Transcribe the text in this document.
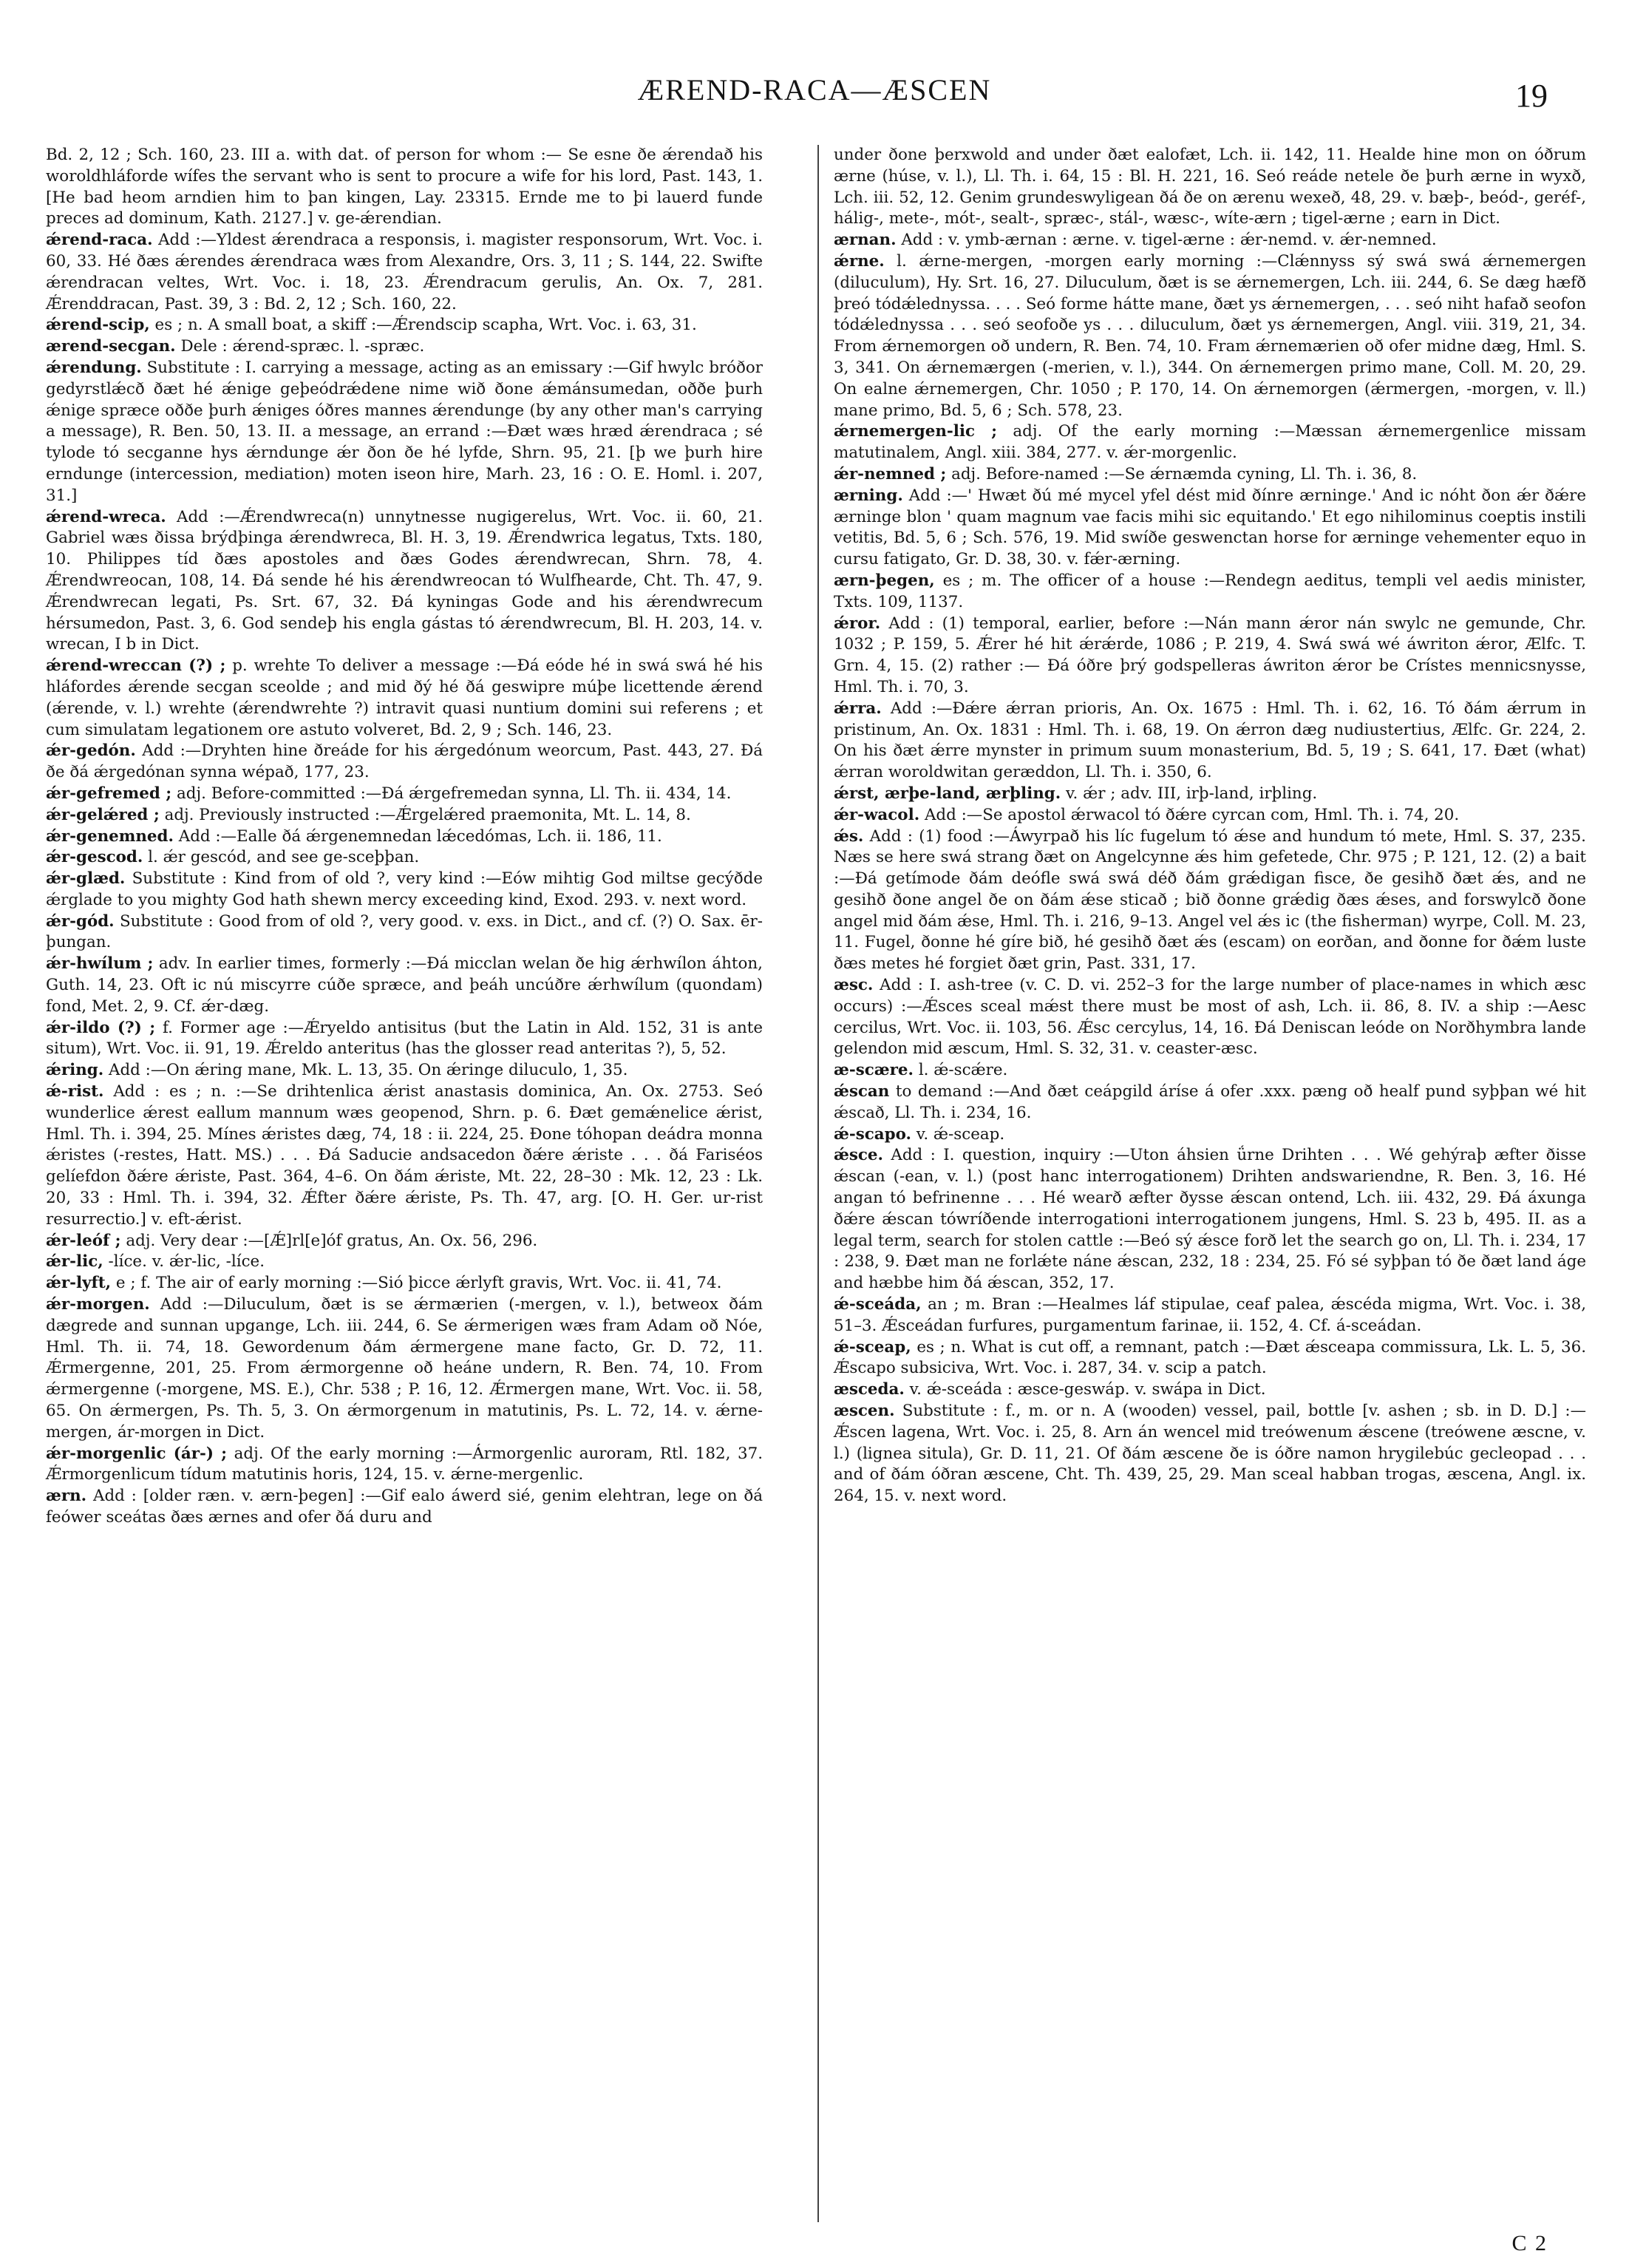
ÆREND-RACA—ÆSCEN	19

Bd. 2, 12 ; Sch. 160, 23. III a. with dat. of person for whom :— Se esne ðe ǽrendað his woroldhláforde wífes the servant who is sent to procure a wife for his lord, Past. 143, 1. [He bad heom arndien him to þan kingen, Lay. 23315. Ernde me to þi lauerd funde preces ad dominum, Kath. 2127.] v. ge-ǽrendian.

ǽrend-raca. Add :—Yldest ǽrendraca a responsis, i. magister responsorum, Wrt. Voc. i. 60, 33. Hé ðæs ǽrendes ǽrendraca wæs from Alexandre, Ors. 3, 11 ; S. 144, 22. Swifte ǽrendracan veltes, Wrt. Voc. i. 18, 23. Ǽrendracum gerulis, An. Ox. 7, 281. Ǽrenddracan, Past. 39, 3 : Bd. 2, 12 ; Sch. 160, 22.

ǽrend-scip, es ; n. A small boat, a skiff :—Ǽrendscip scapha, Wrt. Voc. i. 63, 31.

ærend-secgan. Dele : ǽrend-spræc. l. -spræc.

ǽrendung. Substitute : I. carrying a message, acting as an emissary :—Gif hwylc bróðor gedyrstlǽcð ðæt hé ǽnige geþeódrǽdene nime wið ðone ǽmánsumedan, oððe þurh ǽnige spræce oððe þurh ǽniges óðres mannes ǽrendunge (by any other man's carrying a message), R. Ben. 50, 13. II. a message, an errand :—Ðæt wæs hræd ǽrendraca ; sé tylode tó secganne hys ǽrndunge ǽr ðon ðe hé lyfde, Shrn. 95, 21. [þ we þurh hire erndunge (intercession, mediation) moten iseon hire, Marh. 23, 16 : O. E. Homl. i. 207, 31.]

ǽrend-wreca. Add :—Ǽrendwreca(n) unnytnesse nugigerelus, Wrt. Voc. ii. 60, 21. Gabriel wæs ðissa brýdþinga ǽrendwreca, Bl. H. 3, 19. Ǽrendwrica legatus, Txts. 180, 10. Philippes tíd ðæs apostoles and ðæs Godes ǽrendwrecan, Shrn. 78, 4. Ǽrendwreocan, 108, 14. Ðá sende hé his ǽrendwreocan tó Wulfhearde, Cht. Th. 47, 9. Ǽrendwrecan legati, Ps. Srt. 67, 32. Ðá kyningas Gode and his ǽrendwrecum hérsumedon, Past. 3, 6. God sendeþ his engla gástas tó ǽrendwrecum, Bl. H. 203, 14. v. wrecan, I b in Dict.

ǽrend-wreccan (?) ; p. wrehte To deliver a message :—Ðá eóde hé in swá swá hé his hláfordes ǽrende secgan sceolde ; and mid ðý hé ðá geswipre múþe licettende ǽrend (ǽrende, v. l.) wrehte (ǽrendwrehte ?) intravit quasi nuntium domini sui referens ; et cum simulatam legationem ore astuto volveret, Bd. 2, 9 ; Sch. 146, 23.

ǽr-gedón. Add :—Dryhten hine ðreáde for his ǽrgedónum weorcum, Past. 443, 27. Ðá ðe ðá ǽrgedónan synna wépað, 177, 23.

ǽr-gefremed ; adj. Before-committed :—Ðá ǽrgefremedan synna, Ll. Th. ii. 434, 14.

ǽr-gelǽred ; adj. Previously instructed :—Ǽrgelǽred praemonita, Mt. L. 14, 8.

ǽr-genemned. Add :—Ealle ðá ǽrgenemnedan lǽcedómas, Lch. ii. 186, 11.

ǽr-gescod. l. ǽr gescód, and see ge-sceþþan.

ǽr-glæd. Substitute : Kind from of old ?, very kind :—Eów mihtig God miltse gecýðde ǽrglade to you mighty God hath shewn mercy exceeding kind, Exod. 293. v. next word.

ǽr-gód. Substitute : Good from of old ?, very good. v. exs. in Dict., and cf. (?) O. Sax. ēr-þungan.

ǽr-hwílum ; adv. In earlier times, formerly :—Ðá micclan welan ðe hig ǽrhwílon áhton, Guth. 14, 23. Oft ic nú miscyrre cúðe spræce, and þeáh uncúðre ǽrhwílum (quondam) fond, Met. 2, 9. Cf. ǽr-dæg.

ǽr-ildo (?) ; f. Former age :—Ǽryeldo antisitus (but the Latin in Ald. 152, 31 is ante situm), Wrt. Voc. ii. 91, 19. Ǽreldo anteritus (has the glosser read anteritas ?), 5, 52.

ǽring. Add :—On ǽring mane, Mk. L. 13, 35. On ǽringe diluculo, 1, 35.

ǽ-rist. Add : es ; n. :—Se drihtenlica ǽrist anastasis dominica, An. Ox. 2753. Seó wunderlice ǽrest eallum mannum wæs geopenod, Shrn. p. 6. Ðæt gemǽnelice ǽrist, Hml. Th. i. 394, 25. Mínes ǽristes dæg, 74, 18 : ii. 224, 25. Ðone tóhopan deádra monna ǽristes (-restes, Hatt. MS.) . . . Ðá Saducie andsacedon ðǽre ǽriste . . . ðá Fariséos gelíefdon ðǽre ǽriste, Past. 364, 4–6. On ðám ǽriste, Mt. 22, 28–30 : Mk. 12, 23 : Lk. 20, 33 : Hml. Th. i. 394, 32. Ǽfter ðǽre ǽriste, Ps. Th. 47, arg. [O. H. Ger. ur-rist resurrectio.] v. eft-ǽrist.

ǽr-leóf ; adj. Very dear :—[Ǽ]rl[e]óf gratus, An. Ox. 56, 296.

ǽr-lic, -líce. v. ǽr-lic, -líce.

ǽr-lyft, e ; f. The air of early morning :—Sió þicce ǽrlyft gravis, Wrt. Voc. ii. 41, 74.

ǽr-morgen. Add :—Diluculum, ðæt is se ǽrmærien (-mergen, v. l.), betweox ðám dægrede and sunnan upgange, Lch. iii. 244, 6. Se ǽrmerigen wæs fram Adam oð Nóe, Hml. Th. ii. 74, 18. Gewordenum ðám ǽrmergene mane facto, Gr. D. 72, 11. Ǽrmergenne, 201, 25. From ǽrmorgenne oð heáne undern, R. Ben. 74, 10. From ǽrmergenne (-morgene, MS. E.), Chr. 538 ; P. 16, 12. Ǽrmergen mane, Wrt. Voc. ii. 58, 65. On ǽrmergen, Ps. Th. 5, 3. On ǽrmorgenum in matutinis, Ps. L. 72, 14. v. ǽrne-mergen, ár-morgen in Dict.

ǽr-morgenlic (ár-) ; adj. Of the early morning :—Ármorgenlic auroram, Rtl. 182, 37. Ǽrmorgenlicum tídum matutinis horis, 124, 15. v. ǽrne-mergenlic.

ærn. Add : [older ræn. v. ærn-þegen] :—Gif ealo áwerd sié, genim elehtran, lege on ðá feówer sceátas ðæs ærnes and ofer ðá duru and

under ðone þerxwold and under ðæt ealofæt, Lch. ii. 142, 11. Healde hine mon on óðrum ærne (húse, v. l.), Ll. Th. i. 64, 15 : Bl. H. 221, 16. Seó reáde netele ðe þurh ærne in wyxð, Lch. iii. 52, 12. Genim grundeswyligean ðá ðe on ærenu wexeð, 48, 29. v. bæþ-, beód-, geréf-, hálig-, mete-, mót-, sealt-, spræc-, stál-, wæsc-, wíte-ærn ; tigel-ærne ; earn in Dict.

ærnan. Add : v. ymb-ærnan : ærne. v. tigel-ærne : ǽr-nemd. v. ǽr-nemned.

ǽrne. l. ǽrne-mergen, -morgen early morning :—Clǽnnyss sý swá swá ǽrnemergen (diluculum), Hy. Srt. 16, 27. Diluculum, ðæt is se ǽrnemergen, Lch. iii. 244, 6. Se dæg hæfð þreó tódǽlednyssa. . . . Seó forme hátte mane, ðæt ys ǽrnemergen, . . . seó niht hafað seofon tódǽlednyssa . . . seó seofoðe ys . . . diluculum, ðæt ys ǽrnemergen, Angl. viii. 319, 21, 34. From ǽrnemorgen oð undern, R. Ben. 74, 10. Fram ǽrnemærien oð ofer midne dæg, Hml. S. 3, 341. On ǽrnemærgen (-merien, v. l.), 344. On ǽrnemergen primo mane, Coll. M. 20, 29. On ealne ǽrnemergen, Chr. 1050 ; P. 170, 14. On ǽrnemorgen (ǽrmergen, -morgen, v. ll.) mane primo, Bd. 5, 6 ; Sch. 578, 23.

ǽrnemergen-lic ; adj. Of the early morning :—Mæssan ǽrnemergenlice missam matutinalem, Angl. xiii. 384, 277. v. ǽr-morgenlic.

ǽr-nemned ; adj. Before-named :—Se ǽrnæmda cyning, Ll. Th. i. 36, 8.

ærning. Add :—' Hwæt ðú mé mycel yfel dést mid ðínre ærninge.' And ic nóht ðon ǽr ðǽre ærninge blon ' quam magnum vae facis mihi sic equitando.' Et ego nihilominus coeptis instili vetitis, Bd. 5, 6 ; Sch. 576, 19. Mid swíðe geswenctan horse for ærninge vehementer equo in cursu fatigato, Gr. D. 38, 30. v. fǽr-ærning.

ærn-þegen, es ; m. The officer of a house :—Rendegn aeditus, templi vel aedis minister, Txts. 109, 1137.

ǽror. Add : (1) temporal, earlier, before :—Nán mann ǽror nán swylc ne gemunde, Chr. 1032 ; P. 159, 5. Ǽrer hé hit ǽrǽrde, 1086 ; P. 219, 4. Swá swá wé áwriton ǽror, Ælfc. T. Grn. 4, 15. (2) rather :— Ðá óðre þrý godspelleras áwriton ǽror be Crístes mennicsnysse, Hml. Th. i. 70, 3.

ǽrra. Add :—Ðǽre ǽrran prioris, An. Ox. 1675 : Hml. Th. i. 62, 16. Tó ðám ǽrrum in pristinum, An. Ox. 1831 : Hml. Th. i. 68, 19. On ǽrron dæg nudiustertius, Ælfc. Gr. 224, 2. On his ðæt ǽrre mynster in primum suum monasterium, Bd. 5, 19 ; S. 641, 17. Ðæt (what) ǽrran woroldwitan geræddon, Ll. Th. i. 350, 6.

ǽrst, ærþe-land, ærþling. v. ǽr ; adv. III, irþ-land, irþling.

ǽr-wacol. Add :—Se apostol ǽrwacol tó ðǽre cyrcan com, Hml. Th. i. 74, 20.

ǽs. Add : (1) food :—Áwyrpað his líc fugelum tó ǽse and hundum tó mete, Hml. S. 37, 235. Næs se here swá strang ðæt on Angelcynne ǽs him gefetede, Chr. 975 ; P. 121, 12. (2) a bait :—Ðá getímode ðám deófle swá swá déð ðám grǽdigan fisce, ðe gesihð ðæt ǽs, and ne gesihð ðone angel ðe on ðám ǽse sticað ; bið ðonne grǽdig ðæs ǽses, and forswylcð ðone angel mid ðám ǽse, Hml. Th. i. 216, 9–13. Angel vel ǽs ic (the fisherman) wyrpe, Coll. M. 23, 11. Fugel, ðonne hé gíre bið, hé gesihð ðæt ǽs (escam) on eorðan, and ðonne for ðǽm luste ðæs metes hé forgiet ðæt grin, Past. 331, 17.

æsc. Add : I. ash-tree (v. C. D. vi. 252–3 for the large number of place-names in which æsc occurs) :—Ǽsces sceal mǽst there must be most of ash, Lch. ii. 86, 8. IV. a ship :—Aesc cercilus, Wrt. Voc. ii. 103, 56. Ǽsc cercylus, 14, 16. Ðá Deniscan leóde on Norðhymbra lande gelendon mid æscum, Hml. S. 32, 31. v. ceaster-æsc.

æ-scære. l. ǽ-scǽre.

ǽscan to demand :—And ðæt ceápgild áríse á ofer .xxx. pæng oð healf pund syþþan wé hit ǽscað, Ll. Th. i. 234, 16.

ǽ-scapo. v. ǽ-sceap.

ǽsce. Add : I. question, inquiry :—Uton áhsien ǘrne Drihten . . . Wé gehýraþ æfter ðisse ǽscan (-ean, v. l.) (post hanc interrogationem) Drihten andswariendne, R. Ben. 3, 16. Hé angan tó befrinenne . . . Hé wearð æfter ðysse ǽscan ontend, Lch. iii. 432, 29. Ðá áxunga ðǽre ǽscan tówríðende interrogationi interrogationem jungens, Hml. S. 23 b, 495. II. as a legal term, search for stolen cattle :—Beó sý ǽsce forð let the search go on, Ll. Th. i. 234, 17 : 238, 9. Ðæt man ne forlǽte náne ǽscan, 232, 18 : 234, 25. Fó sé syþþan tó ðe ðæt land áge and hæbbe him ðá ǽscan, 352, 17.

ǽ-sceáda, an ; m. Bran :—Healmes láf stipulae, ceaf palea, ǽscéda migma, Wrt. Voc. i. 38, 51–3. Ǽsceádan furfures, purgamentum farinae, ii. 152, 4. Cf. á-sceádan.

ǽ-sceap, es ; n. What is cut off, a remnant, patch :—Ðæt ǽsceapa commissura, Lk. L. 5, 36. Ǽscapo subsiciva, Wrt. Voc. i. 287, 34. v. scip a patch.

æsceda. v. ǽ-sceáda : æsce-geswáp. v. swápa in Dict.

æscen. Substitute : f., m. or n. A (wooden) vessel, pail, bottle [v. ashen ; sb. in D. D.] :—Ǽscen lagena, Wrt. Voc. i. 25, 8. Arn án wencel mid treówenum ǽscene (treówene æscne, v. l.) (lignea situla), Gr. D. 11, 21. Of ðám æscene ðe is óðre namon hrygilebúc gecleopad . . . and of ðám óðran æscene, Cht. Th. 439, 25, 29. Man sceal habban trogas, æscena, Angl. ix. 264, 15. v. next word.

C 2
